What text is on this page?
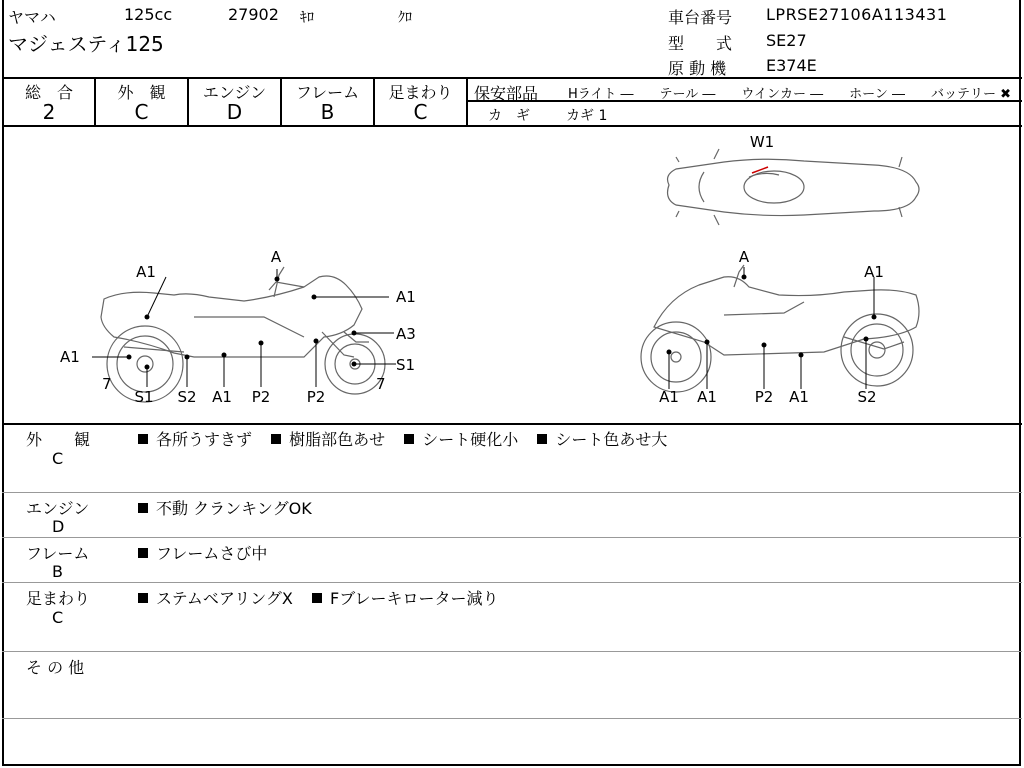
ヤマハ	125cc	27902 ｷﾛ	ｸﾛ
マジェスティ125
車台番号 LPRSE27106A113431
型　　式 SE27
原 動 機 E374E
総　合
2
外　観
C
エンジン
D
フレーム
B
足まわり
C
保安部品 Hライト ―　　テール ―　　ウインカー ―　　ホーン ―　　バッテリー ✖
カ　ギ	カギ 1
W1
A
A1
A1
A3
A1	S1
7	7
S1 S2 A1 P2 P2
A
A1
A1 A1	P2 A1	S2
外　　観
C
各所うすきず 樹脂部色あせ シート硬化小 シート色あせ大
エンジン
D
不動 クランキングOK
フレーム
B
フレームさび中
足まわり
C
ステムベアリングX Fブレーキローター減り
そ の 他
